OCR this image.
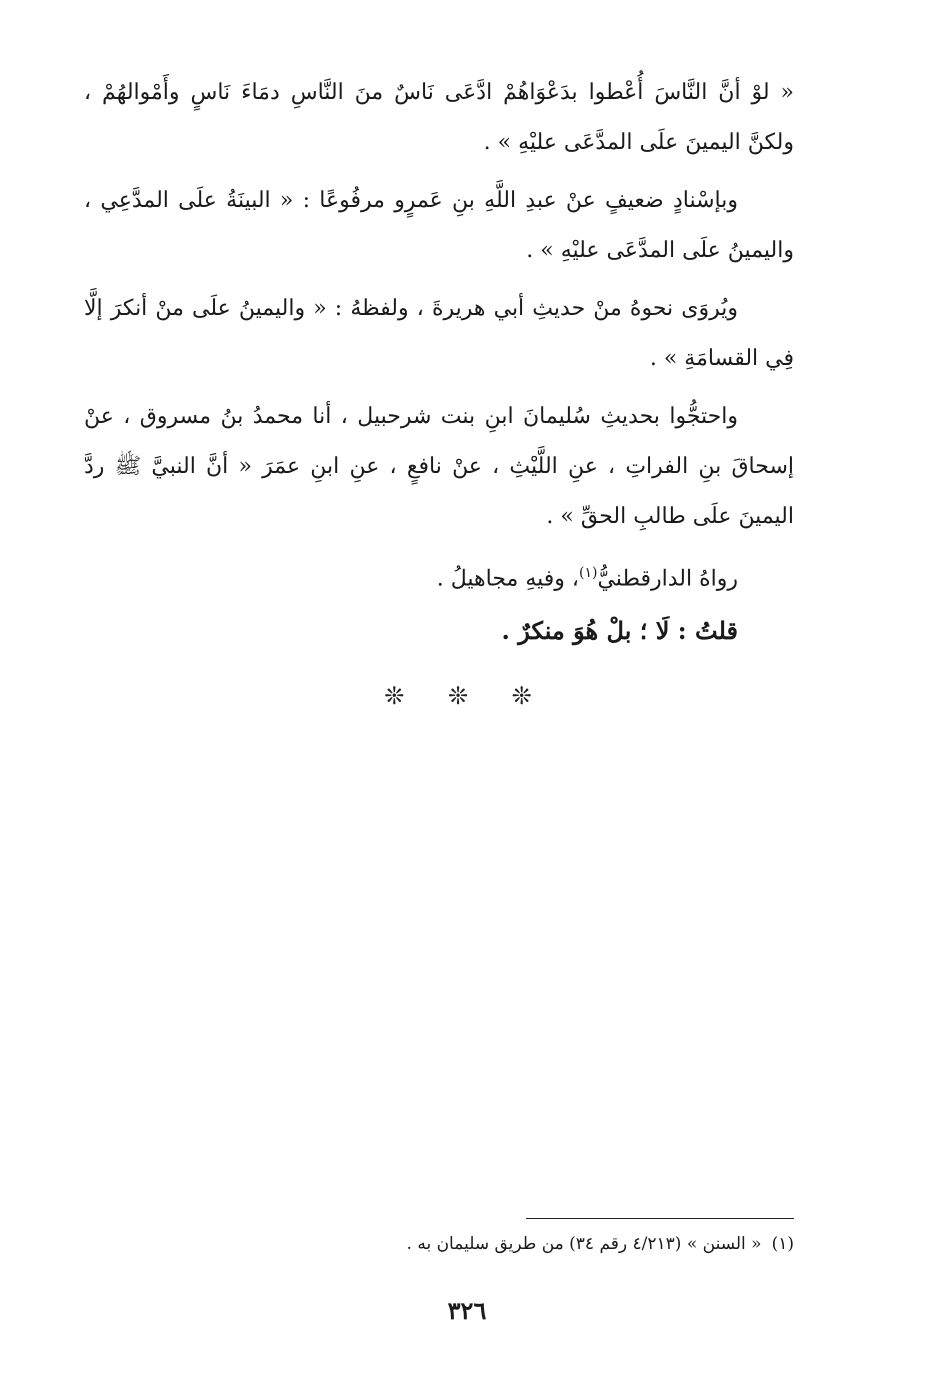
« لوْ أنَّ النَّاسَ أُعْطوا بدَعْوَاهُمْ ادَّعَى نَاسٌ منَ النَّاسِ دمَاءَ نَاسٍ وأَمْوالهُمْ ، ولكنَّ اليمينَ علَى المدَّعَى عليْهِ » .

وبإسْنادٍ ضعيفٍ عنْ عبدِ اللَّهِ بنِ عَمرٍو مرفُوعًا : « البينَةُ علَى المدَّعِي ، واليمينُ علَى المدَّعَى عليْهِ » .

ويُروَى نحوهُ منْ حديثِ أبي هريرةَ ، ولفظهُ : « واليمينُ علَى منْ أنكرَ إلَّا فِي القسامَةِ » .

واحتجُّوا بحديثِ سُليمانَ ابنِ بنت شرحبيل ، أنا محمدُ بنُ مسروق ، عنْ إسحاقَ بنِ الفراتِ ، عنِ اللَّيْثِ ، عنْ نافعٍ ، عنِ ابنِ عمَرَ « أنَّ النبيَّ ﷺ ردَّ اليمينَ علَى طالبِ الحقِّ » .

رواهُ الدارقطنيُّ$^{(١)}$، وفيهِ مجاهيلُ .

قلتُ : لَا ؛ بلْ هُوَ منكرٌ .

❊ ❊ ❊
(١)« السنن » (٤/٢١٣ رقم ٣٤) من طريق سليمان به .
٣٢٦
